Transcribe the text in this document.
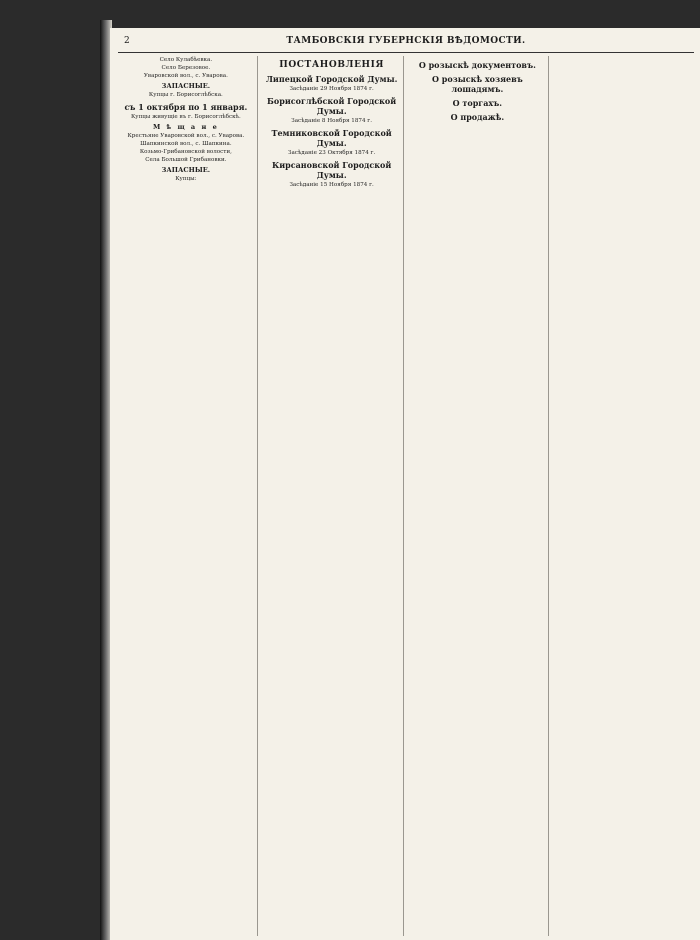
2	ТАМБОВСКІЯ ГУБЕРНСКІЯ ВѢДОМОСТИ.
Село Кулабѣевка.
Село Березовое.
Уваровской вол., с. Уварова.
ЗАПАСНЫЕ.
Купцы г. Борисоглѣбска.
съ 1 октября по 1 января.
Купцы живущіе въ г. Борисоглѣбскѣ.
М ѣ щ а н е
Крестьяне Уваровской вол., с. Уварова.
Шапкинской вол., с. Шапкина.
Козьмо-Грибановской волости,
Села Большой Грибановки.
ЗАПАСНЫЕ.
Купцы:
ПОСТАНОВЛЕНІЯ
Липецкой Городской Думы.
Засѣданіе 29 Ноября 1874 г.
Борисоглѣбской Городской Думы.
Засѣданіе 8 Ноября 1874 г.
Темниковской Городской Думы.
Засѣданіе 23 Октября 1874 г.
Кирсановской Городской Думы.
Засѣданіе 15 Ноября 1874 г.
О розыскѣ документовъ.
О розыскѣ хозяевъ лошадямъ.
О торгахъ.
О продажѣ.
